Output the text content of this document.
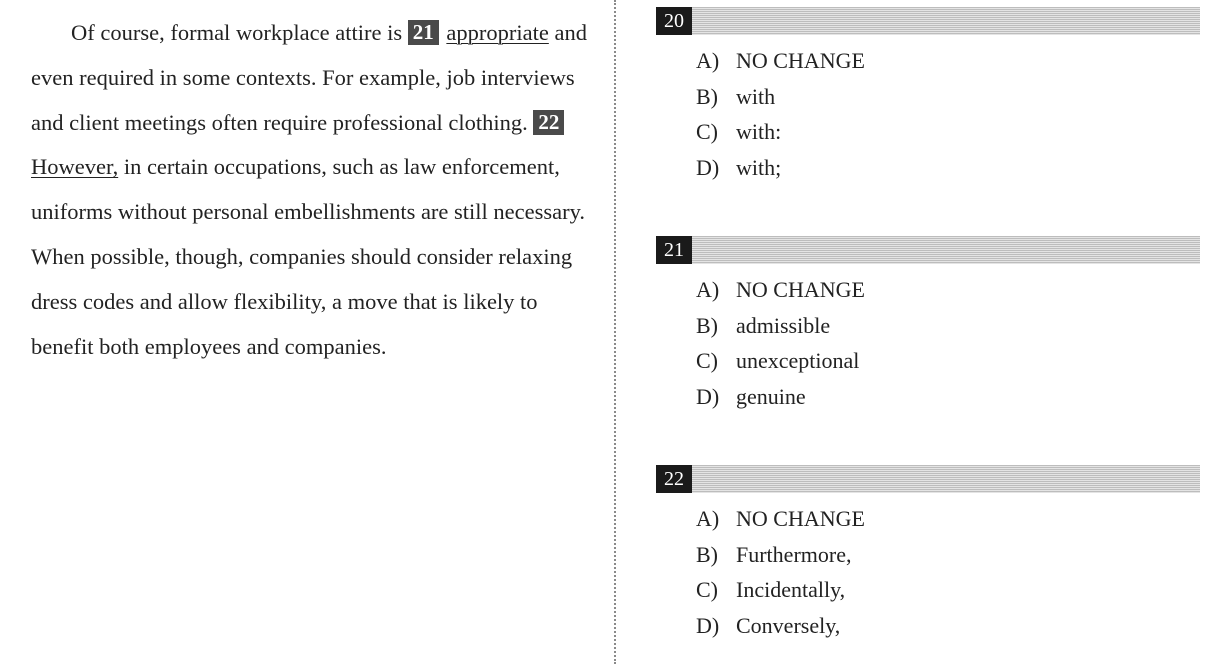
Of course, formal workplace attire is 21 appropriate and even required in some contexts. For example, job interviews and client meetings often require professional clothing. 22 However, in certain occupations, such as law enforcement, uniforms without personal embellishments are still necessary. When possible, though, companies should consider relaxing dress codes and allow flexibility, a move that is likely to benefit both employees and companies.

20
A) NO CHANGE
B) with
C) with:
D) with;
21
A) NO CHANGE
B) admissible
C) unexceptional
D) genuine
22
A) NO CHANGE
B) Furthermore,
C) Incidentally,
D) Conversely,
